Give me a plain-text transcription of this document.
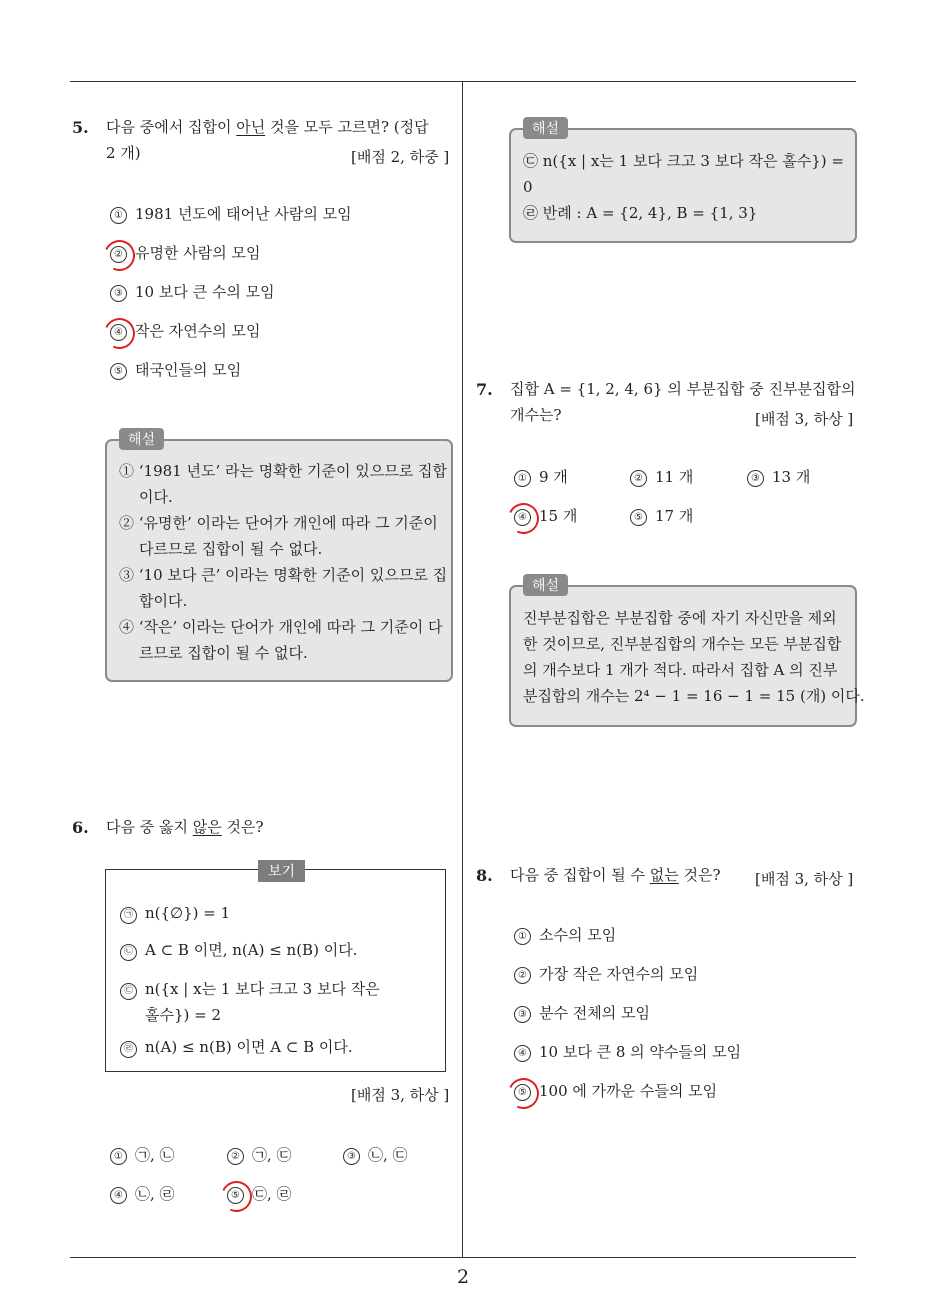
2
5. 다음 중에서 집합이 아닌 것을 모두 고르면? (정답
2 개)	[배점 2, 하중 ]
① 1981 년도에 태어난 사람의 모임
② 유명한 사람의 모임
③ 10 보다 큰 수의 모임
④ 작은 자연수의 모임
⑤ 태국인들의 모임
해설
① ‘1981 년도’ 라는 명확한 기준이 있으므로 집합
이다.
② ‘유명한’ 이라는 단어가 개인에 따라 그 기준이
다르므로 집합이 될 수 없다.
③ ‘10 보다 큰’ 이라는 명확한 기준이 있으므로 집
합이다.
④ ‘작은’ 이라는 단어가 개인에 따라 그 기준이 다
르므로 집합이 될 수 없다.
6. 다음 중 옳지 않은 것은?
보기
㉠ n({∅}) = 1
㉡ A ⊂ B 이면, n(A) ≤ n(B) 이다.
㉢ n({x | x는 1 보다 크고 3 보다 작은
홀수}) = 2
㉣ n(A) ≤ n(B) 이면 A ⊂ B 이다.
[배점 3, 하상 ]
① ㉠, ㉡	② ㉠, ㉢	③ ㉡, ㉢
④ ㉡, ㉣	⑤ ㉢, ㉣
해설
㉢ n({x | x는 1 보다 크고 3 보다 작은 홀수}) =
0
㉣ 반례 : A = {2, 4}, B = {1, 3}
7. 집합 A = {1, 2, 4, 6} 의 부분집합 중 진부분집합의
개수는?	[배점 3, 하상 ]
① 9 개	② 11 개	③ 13 개
④ 15 개	⑤ 17 개
해설
진부분집합은 부분집합 중에 자기 자신만을 제외
한 것이므로, 진부분집합의 개수는 모든 부분집합
의 개수보다 1 개가 적다. 따라서 집합 A 의 진부
분집합의 개수는 2⁴ − 1 = 16 − 1 = 15 (개) 이다.
8. 다음 중 집합이 될 수 없는 것은? [배점 3, 하상 ]
① 소수의 모임
② 가장 작은 자연수의 모임
③ 분수 전체의 모임
④ 10 보다 큰 8 의 약수들의 모임
⑤ 100 에 가까운 수들의 모임
